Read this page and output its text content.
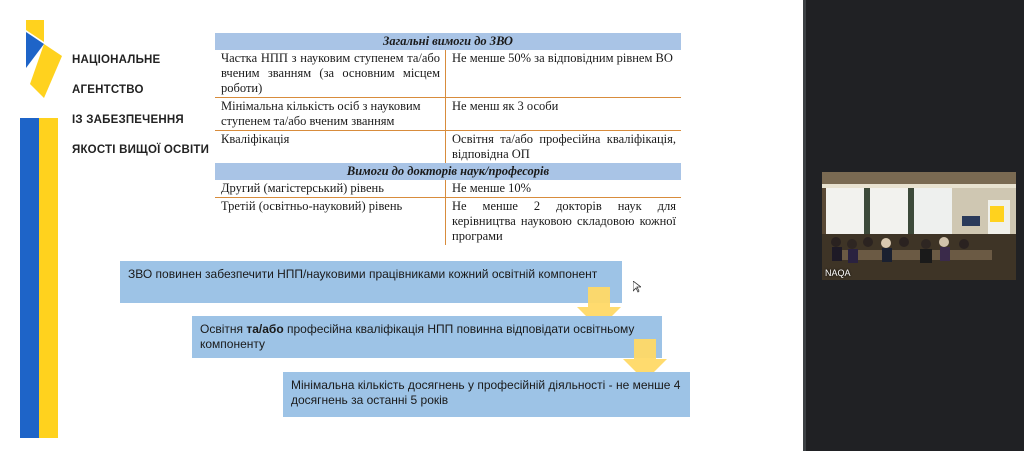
НАЦІОНАЛЬНЕ

АГЕНТСТВО

ІЗ ЗАБЕЗПЕЧЕННЯ

ЯКОСТІ ВИЩОЇ ОСВІТИ

Загальні вимоги до ЗВО	
Частка НПП з науковим ступенем та/або вченим званням (за основним місцем роботи)	Не менше 50% за відповідним рівнем ВО
Мінімальна кількість осіб з науковим ступенем та/або вченим званням	Не менш як 3 особи
Кваліфікація	Освітня та/або професійна кваліфікація, відповідна ОП
Вимоги до докторів наук/професорів	
Другий (магістерський) рівень	Не менше 10%
Третій (освітньо-науковий) рівень	Не менше 2 докторів наук для керівництва науковою складовою кожної програми
ЗВО повинен забезпечити НПП/науковими працівниками кожний освітній компонент
Освітня та/або професійна кваліфікація НПП повинна відповідати освітньому компоненту
Мінімальна кількість досягнень у професійній діяльності - не менше 4 досягнень за останні 5 років
NAQA
